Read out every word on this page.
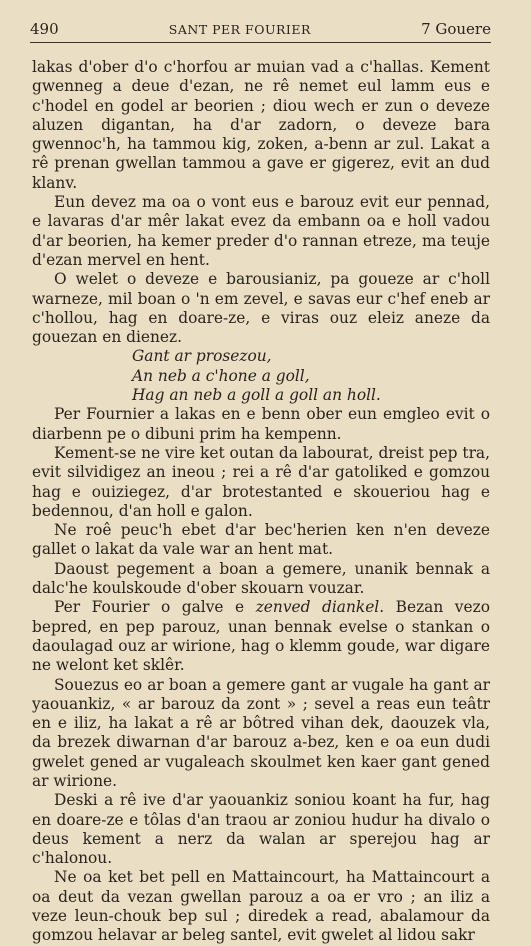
490	SANT PER FOURIER	7 Gouere

lakas d'ober d'o c'horfou ar muian vad a c'hallas. Kement gwenneg a deue d'ezan, ne rê nemet eul lamm eus e c'hodel en godel ar beorien ; diou wech er zun o deveze aluzen digantan, ha d'ar zadorn, o deveze bara gwennoc'h, ha tammou kig, zoken, a-benn ar zul. Lakat a rê prenan gwellan tammou a gave er gigerez, evit an dud klanv.

Eun devez ma oa o vont eus e barouz evit eur pennad, e lavaras d'ar mêr lakat evez da embann oa e holl vadou d'ar beorien, ha kemer preder d'o rannan etreze, ma teuje d'ezan mervel en hent.

O welet o deveze e barousianiz, pa goueze ar c'holl warneze, mil boan o 'n em zevel, e savas eur c'hef eneb ar c'hollou, hag en doare-ze, e viras ouz eleiz aneze da gouezan en dienez.

Gant ar prosezou,
An neb a c'hone a goll,
Hag an neb a goll a goll an holl.

Per Fournier a lakas en e benn ober eun emgleo evit o diarbenn pe o dibuni prim ha kempenn.

Kement-se ne vire ket outan da labourat, dreist pep tra, evit silvidigez an ineou ; rei a rê d'ar gatoliked e gomzou hag e ouiziegez, d'ar brotestanted e skoueriou hag e bedennou, d'an holl e galon.

Ne roê peuc'h ebet d'ar bec'herien ken n'en deveze gallet o lakat da vale war an hent mat.

Daoust pegement a boan a gemere, unanik bennak a dalc'he koulskoude d'ober skouarn vouzar.

Per Fourier o galve e zenved diankel. Bezan vezo bepred, en pep parouz, unan bennak evelse o stankan o daoulagad ouz ar wirione, hag o klemm goude, war digare ne welont ket sklêr.

Souezus eo ar boan a gemere gant ar vugale ha gant ar yaouankiz, « ar barouz da zont » ; sevel a reas eun teâtr en e iliz, ha lakat a rê ar bôtred vihan dek, daouzek vla, da brezek diwarnan d'ar barouz a-bez, ken e oa eun dudi gwelet gened ar vugaleach skoulmet ken kaer gant gened ar wirione.

Deski a rê ive d'ar yaouankiz soniou koant ha fur, hag en doare-ze e tôlas d'an traou ar zoniou hudur ha divalo o deus kement a nerz da walan ar sperejou hag ar c'halonou.

Ne oa ket bet pell en Mattaincourt, ha Mattaincourt a oa deut da vezan gwellan parouz a oa er vro ; an iliz a veze leun-chouk bep sul ; diredek a read, abalamour da gomzou helavar ar beleg santel, evit gwelet al lidou sakr
